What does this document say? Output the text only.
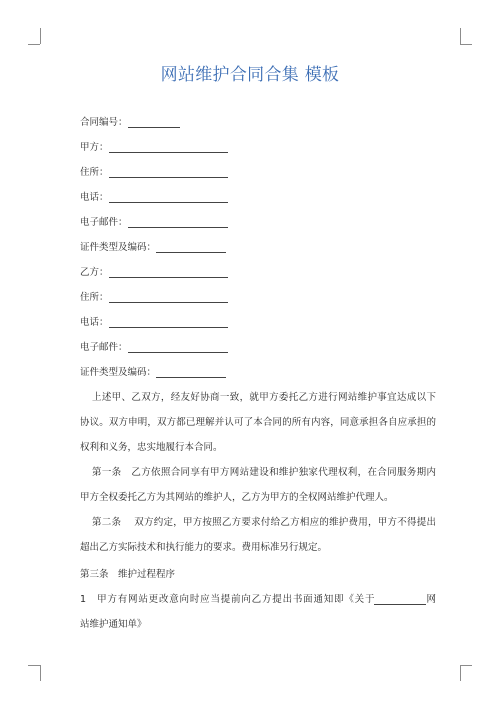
网站维护合同合集 模板
合同编号：
甲方：
住所：
电话：
电子邮件：
证件类型及编码：
乙方：
住所：
电话：
电子邮件：
证件类型及编码：
上述甲、乙双方，经友好协商一致，就甲方委托乙方进行网站维护事宜达成以下
协议。双方申明，双方都已理解并认可了本合同的所有内容，同意承担各自应承担的
权利和义务，忠实地履行本合同。
第一条　乙方依照合同享有甲方网站建设和维护独家代理权利，在合同服务期内
甲方全权委托乙方为其网站的维护人，乙方为甲方的全权网站维护代理人。
第二条　 双方约定，甲方按照乙方要求付给乙方相应的维护费用，甲方不得提出
超出乙方实际技术和执行能力的要求。费用标准另行规定。
第三条　维护过程程序
1　甲方有网站更改意向时应当提前向乙方提出书面通知即《关于	网
站维护通知单》
